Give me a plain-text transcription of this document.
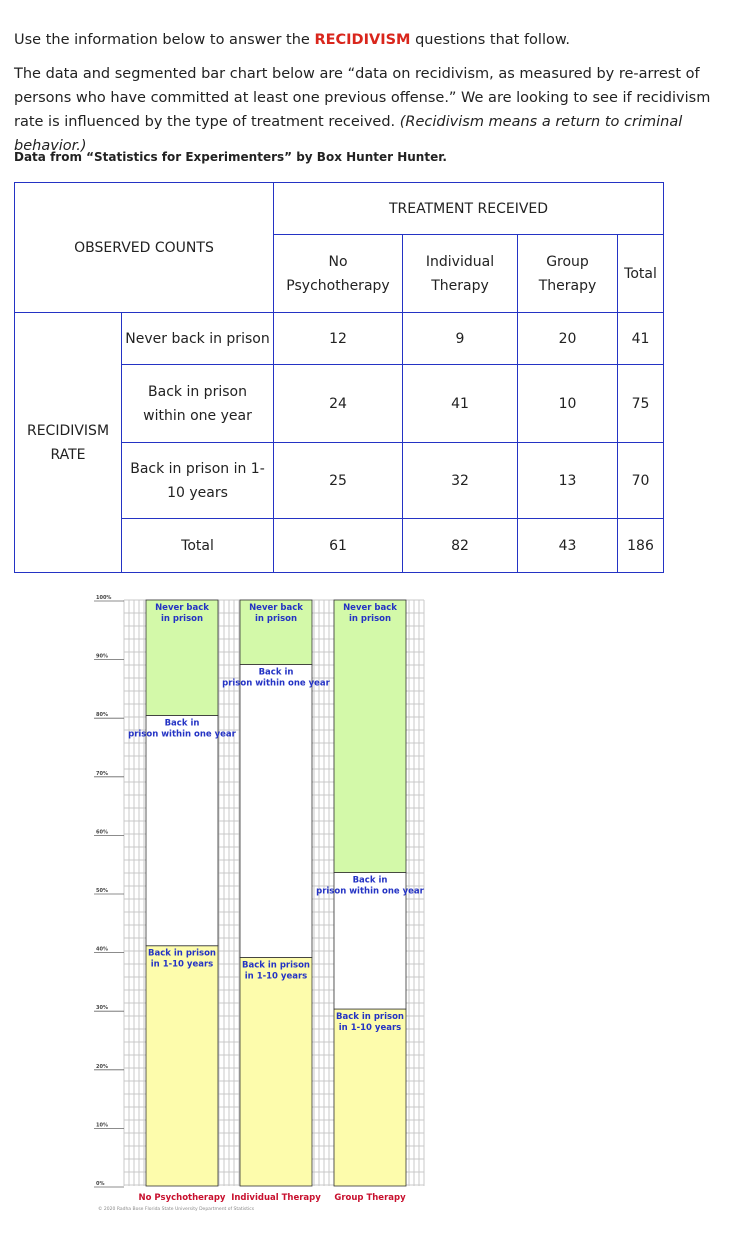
Use the information below to answer the RECIDIVISM questions that follow.

The data and segmented bar chart below are “data on recidivism, as measured by re-arrest of persons who have committed at least one previous offense.” We are looking to see if recidivism rate is influenced by the type of treatment received. (Recidivism means a return to criminal behavior.)

Data from “Statistics for Experimenters” by Box Hunter Hunter.
OBSERVED COUNTS		TREATMENT RECEIVED			
		No Psychotherapy	Individual Therapy	Group Therapy	Total
RECIDIVISM RATE	Never back in prison	12	9	20	41
	Back in prison within one year	24	41	10	75
	Back in prison in 1-10 years	25	32	13	70
	Total	61	82	43	186
0%
10%
20%
30%
40%
50%
60%
70%
80%
90%
100%
Back in prison
in 1-10 years
Back in
prison within one year
Never back
in prison
No Psychotherapy
Back in prison
in 1-10 years
Back in
prison within one year
Never back
in prison
Individual Therapy
Back in prison
in 1-10 years
Back in
prison within one year
Never back
in prison
Group Therapy
© 2020 Radha Bose Florida State University Department of Statistics
